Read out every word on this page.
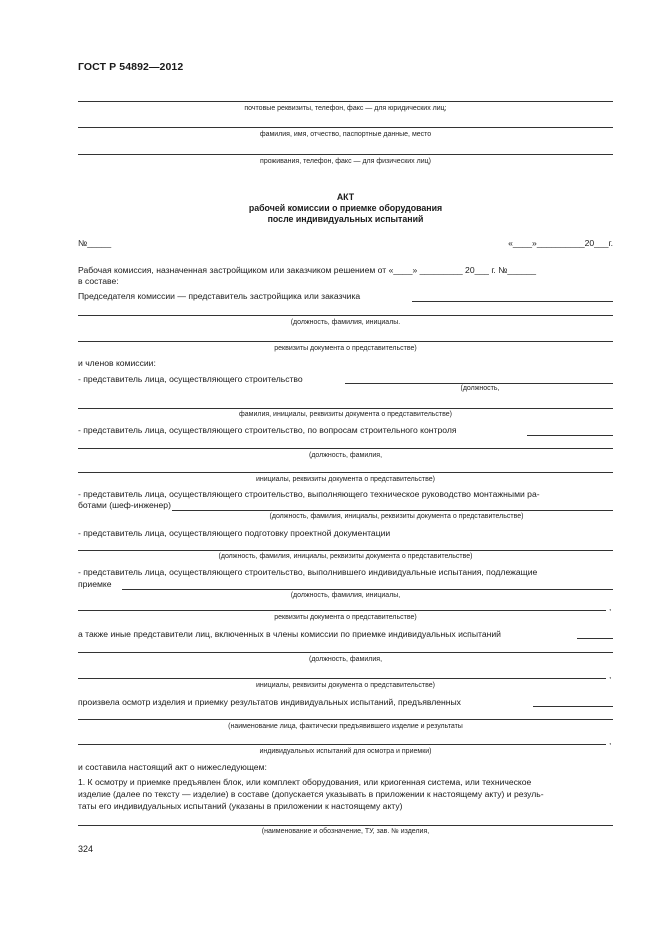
ГОСТ Р 54892—2012
почтовые реквизиты, телефон, факс — для юридических лиц;
фамилия, имя, отчество, паспортные данные, место
проживания, телефон, факс — для физических лиц)
АКТ
рабочей комиссии о приемке оборудования
после индивидуальных испытаний
№_____	«____»__________20___г.
Рабочая комиссия, назначенная застройщиком или заказчиком решением от «____» _________ 20___ г. №______
в составе:
Председателя комиссии — представитель застройщика или заказчика
(должность, фамилия, инициалы.
реквизиты документа о представительстве)
и членов комиссии:
- представитель лица, осуществляющего строительство
(должность,
фамилия, инициалы, реквизиты документа о представительстве)
- представитель лица, осуществляющего строительство, по вопросам строительного контроля
(должность, фамилия,
инициалы, реквизиты документа о представительстве)
- представитель лица, осуществляющего строительство, выполняющего техническое руководство монтажными ра-
ботами (шеф-инженер)
(должность, фамилия, инициалы, реквизиты документа о представительстве)
- представитель лица, осуществляющего подготовку проектной документации
(должность, фамилия, инициалы, реквизиты документа о представительстве)
- представитель лица, осуществляющего строительство, выполнившего индивидуальные испытания, подлежащие
приемке
(должность, фамилия, инициалы,
,
реквизиты документа о представительстве)
а также иные представители лиц, включенных в члены комиссии по приемке индивидуальных испытаний
(должность, фамилия,
,
инициалы, реквизиты документа о представительстве)
произвела осмотр изделия и приемку результатов индивидуальных испытаний, предъявленных
(наименование лица, фактически предъявившего изделие и результаты
,
индивидуальных испытаний для осмотра и приемки)
и составила настоящий акт о нижеследующем:
1. К осмотру и приемке предъявлен блок, или комплект оборудования, или криогенная система, или техническое
изделие (далее по тексту — изделие) в составе (допускается указывать в приложении к настоящему акту) и резуль-
таты его индивидуальных испытаний (указаны в приложении к настоящему акту)
(наименование и обозначение, ТУ, зав. № изделия,
324
